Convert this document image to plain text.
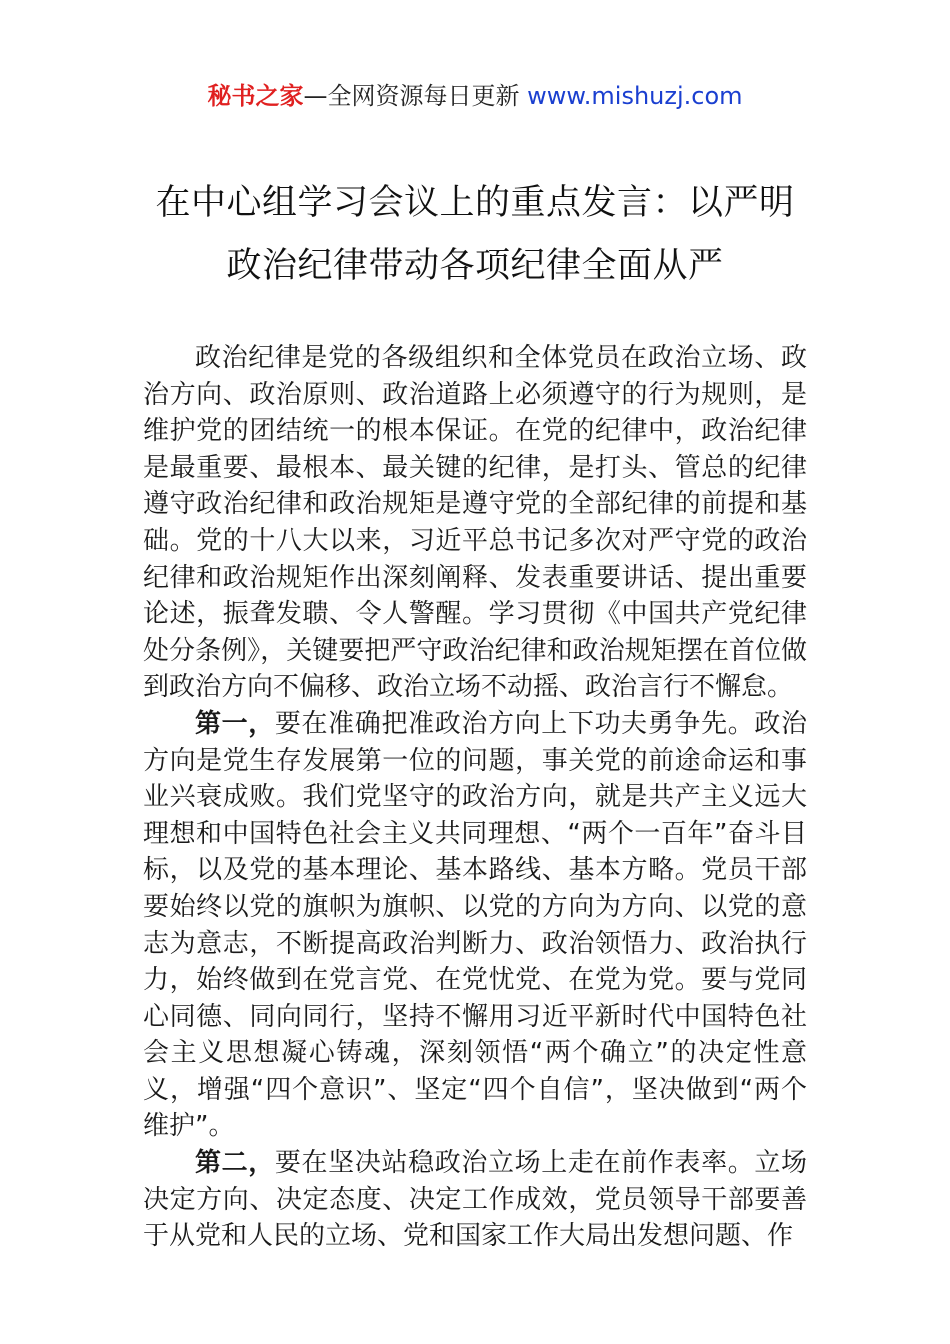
秘书之家—全网资源每日更新 www.mishuzj.com
在中心组学习会议上的重点发言：以严明
政治纪律带动各项纪律全面从严

政治纪律是党的各级组织和全体党员在政治立场、政治方向、政治原则、政治道路上必须遵守的行为规则，是维护党的团结统一的根本保证。在党的纪律中，政治纪律是最重要、最根本、最关键的纪律，是打头、管总的纪律遵守政治纪律和政治规矩是遵守党的全部纪律的前提和基础。党的十八大以来，习近平总书记多次对严守党的政治纪律和政治规矩作出深刻阐释、发表重要讲话、提出重要论述，振聋发聩、令人警醒。学习贯彻《中国共产党纪律处分条例》，关键要把严守政治纪律和政治规矩摆在首位做到政治方向不偏移、政治立场不动摇、政治言行不懈怠。

第一，要在准确把准政治方向上下功夫勇争先。政治方向是党生存发展第一位的问题，事关党的前途命运和事业兴衰成败。我们党坚守的政治方向，就是共产主义远大理想和中国特色社会主义共同理想、“两个一百年”奋斗目标，以及党的基本理论、基本路线、基本方略。党员干部要始终以党的旗帜为旗帜、以党的方向为方向、以党的意志为意志，不断提高政治判断力、政治领悟力、政治执行力，始终做到在党言党、在党忧党、在党为党。要与党同心同德、同向同行，坚持不懈用习近平新时代中国特色社会主义思想凝心铸魂，深刻领悟“两个确立”的决定性意义，增强“四个意识”、坚定“四个自信”，坚决做到“两个维护”。

第二，要在坚决站稳政治立场上走在前作表率。立场决定方向、决定态度、决定工作成效，党员领导干部要善于从党和人民的立场、党和国家工作大局出发想问题、作
